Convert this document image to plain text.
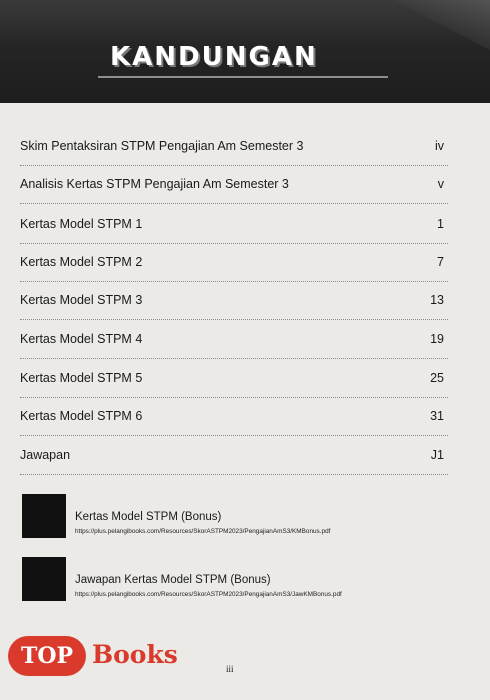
KANDUNGAN
Skim Pentaksiran STPM Pengajian Am Semester 3	iv
Analisis Kertas STPM Pengajian Am Semester 3	v
Kertas Model STPM 1	1
Kertas Model STPM 2	7
Kertas Model STPM 3	13
Kertas Model STPM 4	19
Kertas Model STPM 5	25
Kertas Model STPM 6	31
Jawapan	J1
Kertas Model STPM (Bonus)
https://plus.pelangibooks.com/Resources/SkorASTPM2023/PengajianAmS3/KMBonus.pdf
Jawapan Kertas Model STPM (Bonus)
https://plus.pelangibooks.com/Resources/SkorASTPM2023/PengajianAmS3/JawKMBonus.pdf
TOP Books	iii
